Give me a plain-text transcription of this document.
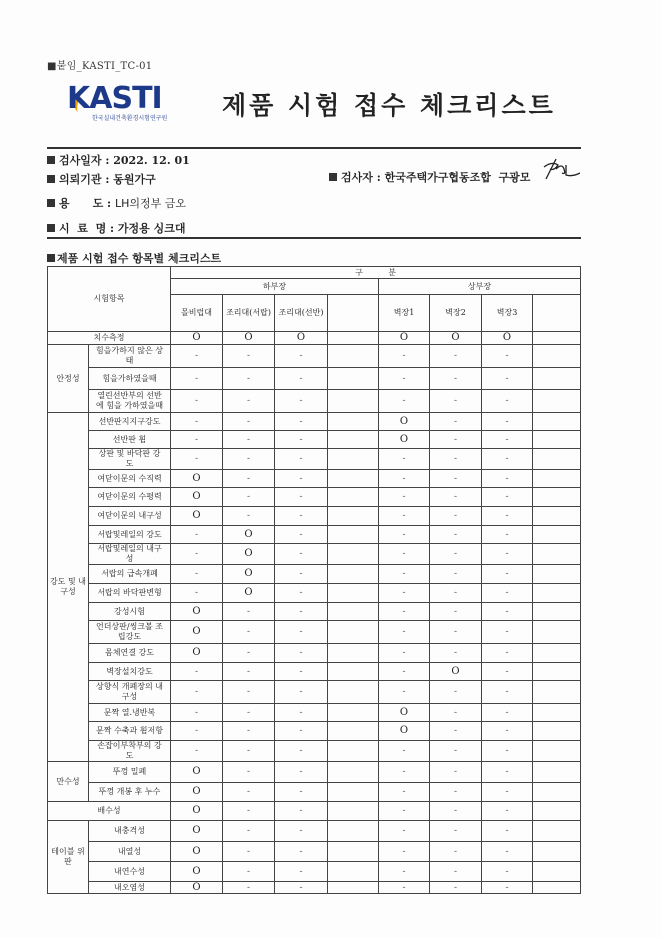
■붙임_KASTI_TC-01
KASTI
한국실내건축환경시험연구원 제품 시험 접수 체크리스트
검사일자 : 2022. 12. 01
의뢰기관 : 동원가구	검사자 : 한국주택가구협동조합  구광모
용      도 : LH의정부 금오
시  료  명 : 가정용 싱크대
제품 시험 접수 항목별 체크리스트
시험항목		구          분							
		하부장				상부장			
		몰비럽대	조리대(서랍)	조리대(선반)		벽장1	벽장2	벽장3	
치수측정		O	O	O		O	O	O	
안정성	힘을가하지 않은 상태	-	-	-		-	-	-	
	힘을가하였을때	-	-	-		-	-	-	
	열린선반부의 선반에 힘을 가하였을때	-	-	-		-	-	-	
강도 및 내구성	선반판지지구강도	-	-	-		O	-	-	
	선반판 휨	-	-	-		O	-	-	
	상판 및 바닥판 강도	-	-	-		-	-	-	
	여닫이문의 수직력	O	-	-		-	-	-	
	여닫이문의 수평력	O	-	-		-	-	-	
	여닫이문의 내구성	O	-	-		-	-	-	
	서랍및레일의 강도	-	O	-		-	-	-	
	서랍및레일의 내구성	-	O	-		-	-	-	
	서랍의 급속개폐	-	O	-		-	-	-	
	서랍의 바닥판변형	-	O	-		-	-	-	
	강성시험	O	-	-		-	-	-	
	언더상판/씽크볼 조립강도	O	-	-		-	-	-	
	몸체연결 강도	O	-	-		-	-	-	
	벽장설치강도	-	-	-		-	O	-	
	상향식 개폐장의 내구성	-	-	-		-	-	-	
	문짝 열.냉반복	-	-	-		O	-	-	
	문짝 수축과 휨저항	-	-	-		O	-	-	
	손잡이부착부의 강도	-	-	-		-	-	-	
만수성	뚜껑 밀폐	O	-	-		-	-	-	
	뚜껑 개봉 후 누수	O	-	-		-	-	-	
배수성		O	-	-		-	-	-	
테이블 위판	내충격성	O	-	-		-	-	-	
	내열성	O	-	-		-	-	-	
	내연수성	O	-	-		-	-	-	
	내오염성	O	-	-		-	-	-	
